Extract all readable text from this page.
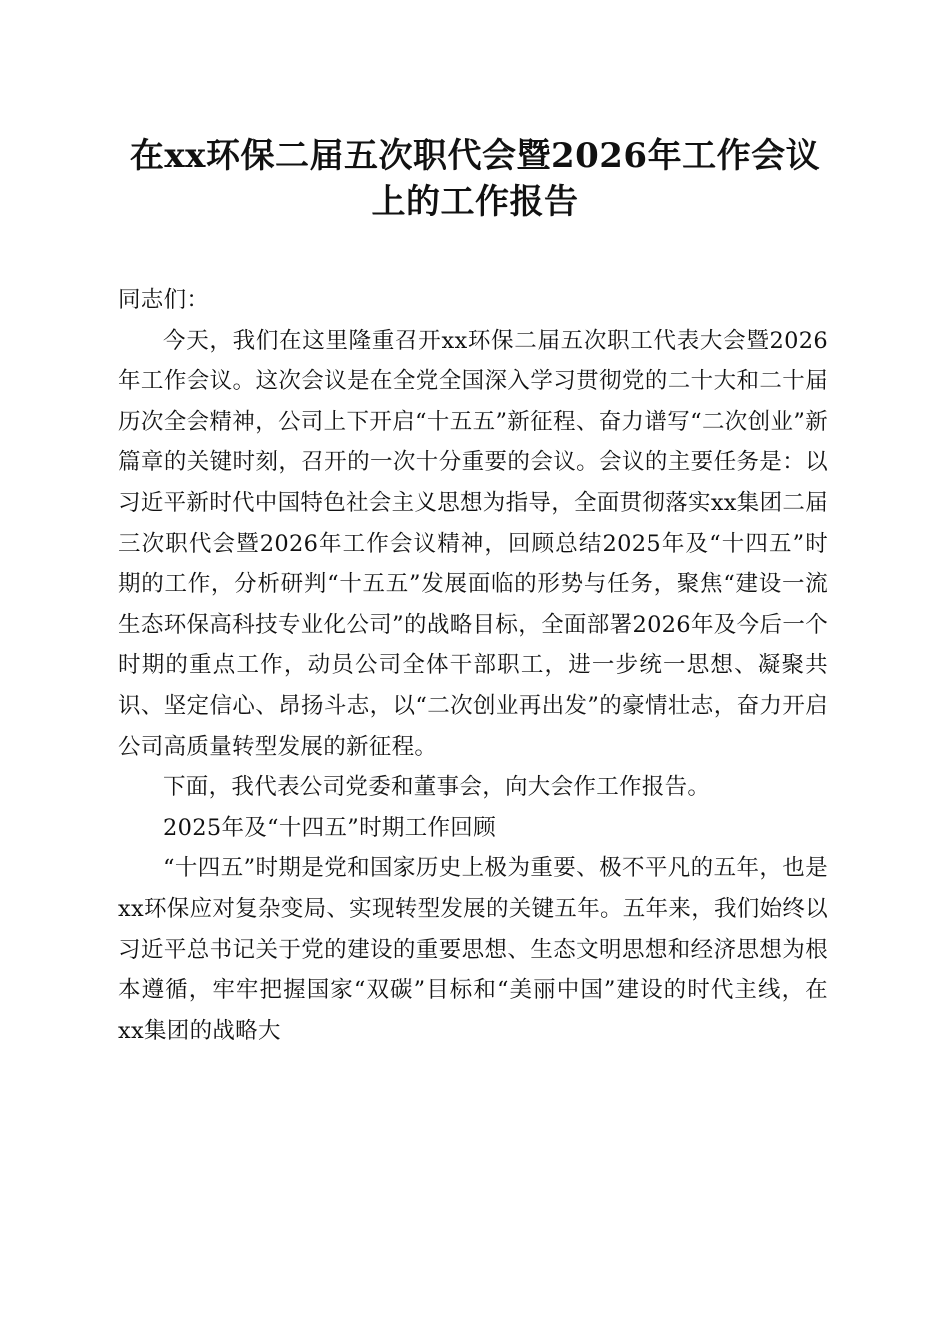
在xx环保二届五次职代会暨2026年工作会议
上的工作报告

同志们：

今天，我们在这里隆重召开xx环保二届五次职工代表大会暨2026年工作会议。这次会议是在全党全国深入学习贯彻党的二十大和二十届历次全会精神，公司上下开启“十五五”新征程、奋力谱写“二次创业”新篇章的关键时刻，召开的一次十分重要的会议。会议的主要任务是：以习近平新时代中国特色社会主义思想为指导，全面贯彻落实xx集团二届三次职代会暨2026年工作会议精神，回顾总结2025年及“十四五”时期的工作，分析研判“十五五”发展面临的形势与任务，聚焦“建设一流生态环保高科技专业化公司”的战略目标，全面部署2026年及今后一个时期的重点工作，动员公司全体干部职工，进一步统一思想、凝聚共识、坚定信心、昂扬斗志，以“二次创业再出发”的豪情壮志，奋力开启公司高质量转型发展的新征程。

下面，我代表公司党委和董事会，向大会作工作报告。

2025年及“十四五”时期工作回顾

“十四五”时期是党和国家历史上极为重要、极不平凡的五年，也是xx环保应对复杂变局、实现转型发展的关键五年。五年来，我们始终以习近平总书记关于党的建设的重要思想、生态文明思想和经济思想为根本遵循，牢牢把握国家“双碳”目标和“美丽中国”建设的时代主线，在xx集团的战略大
